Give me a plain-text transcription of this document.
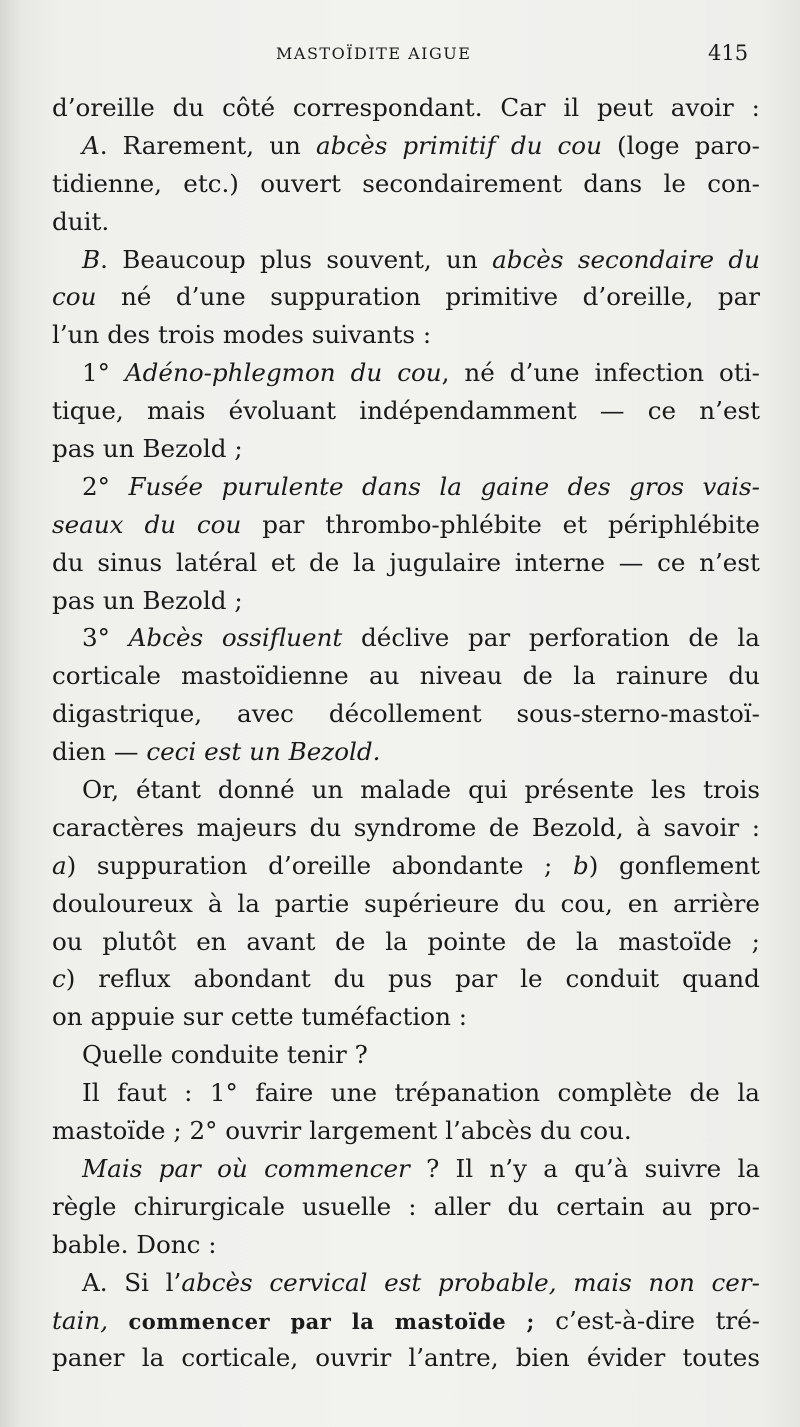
MASTOÏDITE AIGUE	415
d’oreille du côté correspondant. Car il peut avoir :
A. Rarement, un abcès primitif du cou (loge paro-
tidienne, etc.) ouvert secondairement dans le con-
duit.
B. Beaucoup plus souvent, un abcès secondaire du
cou né d’une suppuration primitive d’oreille, par
l’un des trois modes suivants :
1° Adéno-phlegmon du cou, né d’une infection oti-
tique, mais évoluant indépendamment — ce n’est
pas un Bezold ;
2° Fusée purulente dans la gaine des gros vais-
seaux du cou par thrombo-phlébite et périphlébite
du sinus latéral et de la jugulaire interne — ce n’est
pas un Bezold ;
3° Abcès ossifluent déclive par perforation de la
corticale mastoïdienne au niveau de la rainure du
digastrique, avec décollement sous-sterno-mastoï-
dien — ceci est un Bezold.
Or, étant donné un malade qui présente les trois
caractères majeurs du syndrome de Bezold, à savoir :
a) suppuration d’oreille abondante ; b) gonflement
douloureux à la partie supérieure du cou, en arrière
ou plutôt en avant de la pointe de la mastoïde ;
c) reflux abondant du pus par le conduit quand
on appuie sur cette tuméfaction :
Quelle conduite tenir ?
Il faut : 1° faire une trépanation complète de la
mastoïde ; 2° ouvrir largement l’abcès du cou.
Mais par où commencer ? Il n’y a qu’à suivre la
règle chirurgicale usuelle : aller du certain au pro-
bable. Donc :
A. Si l’abcès cervical est probable, mais non cer-
tain, commencer par la mastoïde ; c’est-à-dire tré-
paner la corticale, ouvrir l’antre, bien évider toutes
